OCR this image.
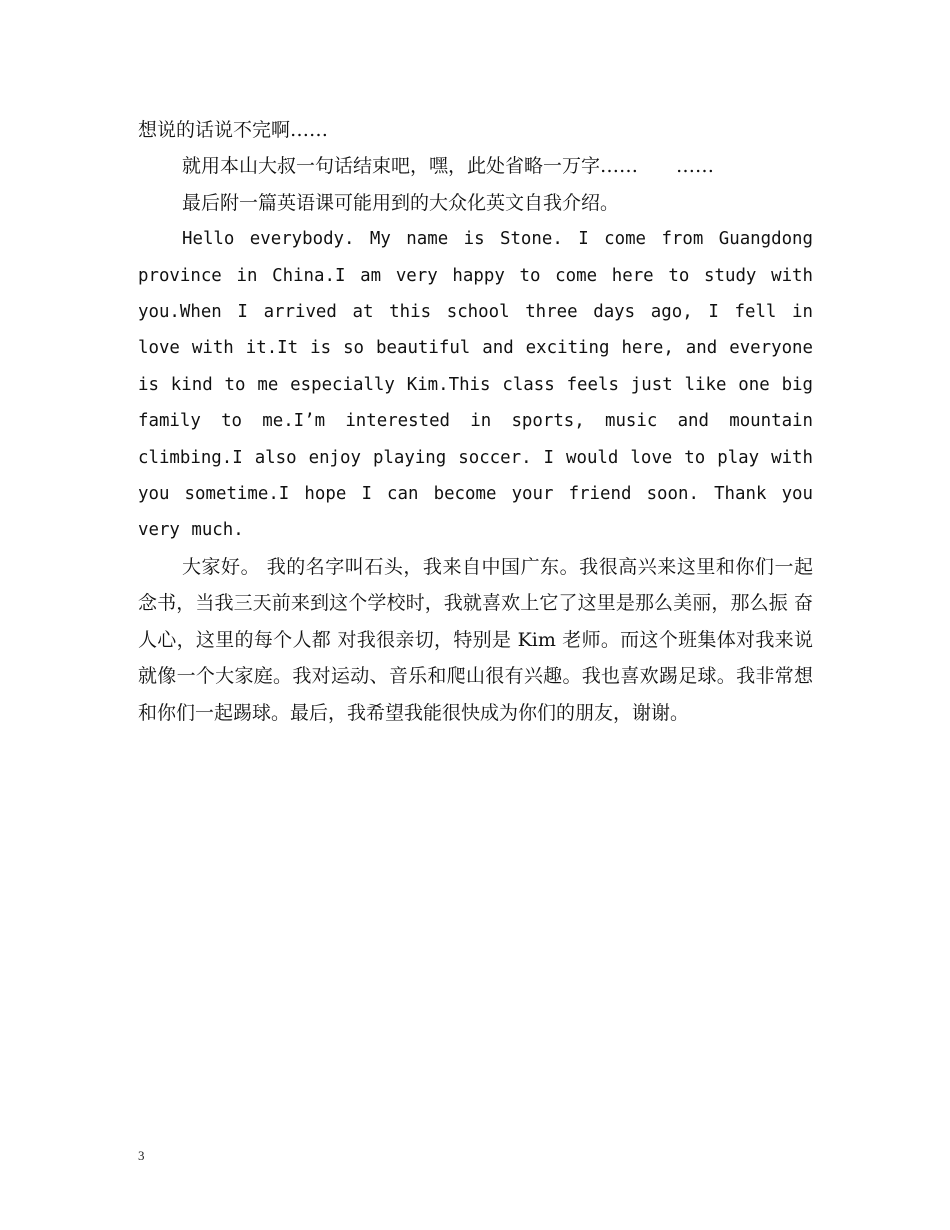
想说的话说不完啊……

就用本山大叔一句话结束吧，嘿，此处省略一万字……　　……

最后附一篇英语课可能用到的大众化英文自我介绍。

Hello everybody. My name is Stone. I come from Guangdong province in China.I am very happy to come here to study with you.When I arrived at this school three days ago, I fell in love with it.It is so beautiful and exciting here, and everyone is kind to me especially Kim.This class feels just like one big family to me.I’m interested in sports, music and mountain climbing.I also enjoy playing soccer. I would love to play with you sometime.I hope I can become your friend soon. Thank you very much.

大家好。 我的名字叫石头，我来自中国广东。我很高兴来这里和你们一起念书，当我三天前来到这个学校时，我就喜欢上它了这里是那么美丽，那么振 奋人心，这里的每个人都 对我很亲切，特别是 Kim 老师。而这个班集体对我来说就像一个大家庭。我对运动、音乐和爬山很有兴趣。我也喜欢踢足球。我非常想和你们一起踢球。最后，我希望我能很快成为你们的朋友，谢谢。

3
